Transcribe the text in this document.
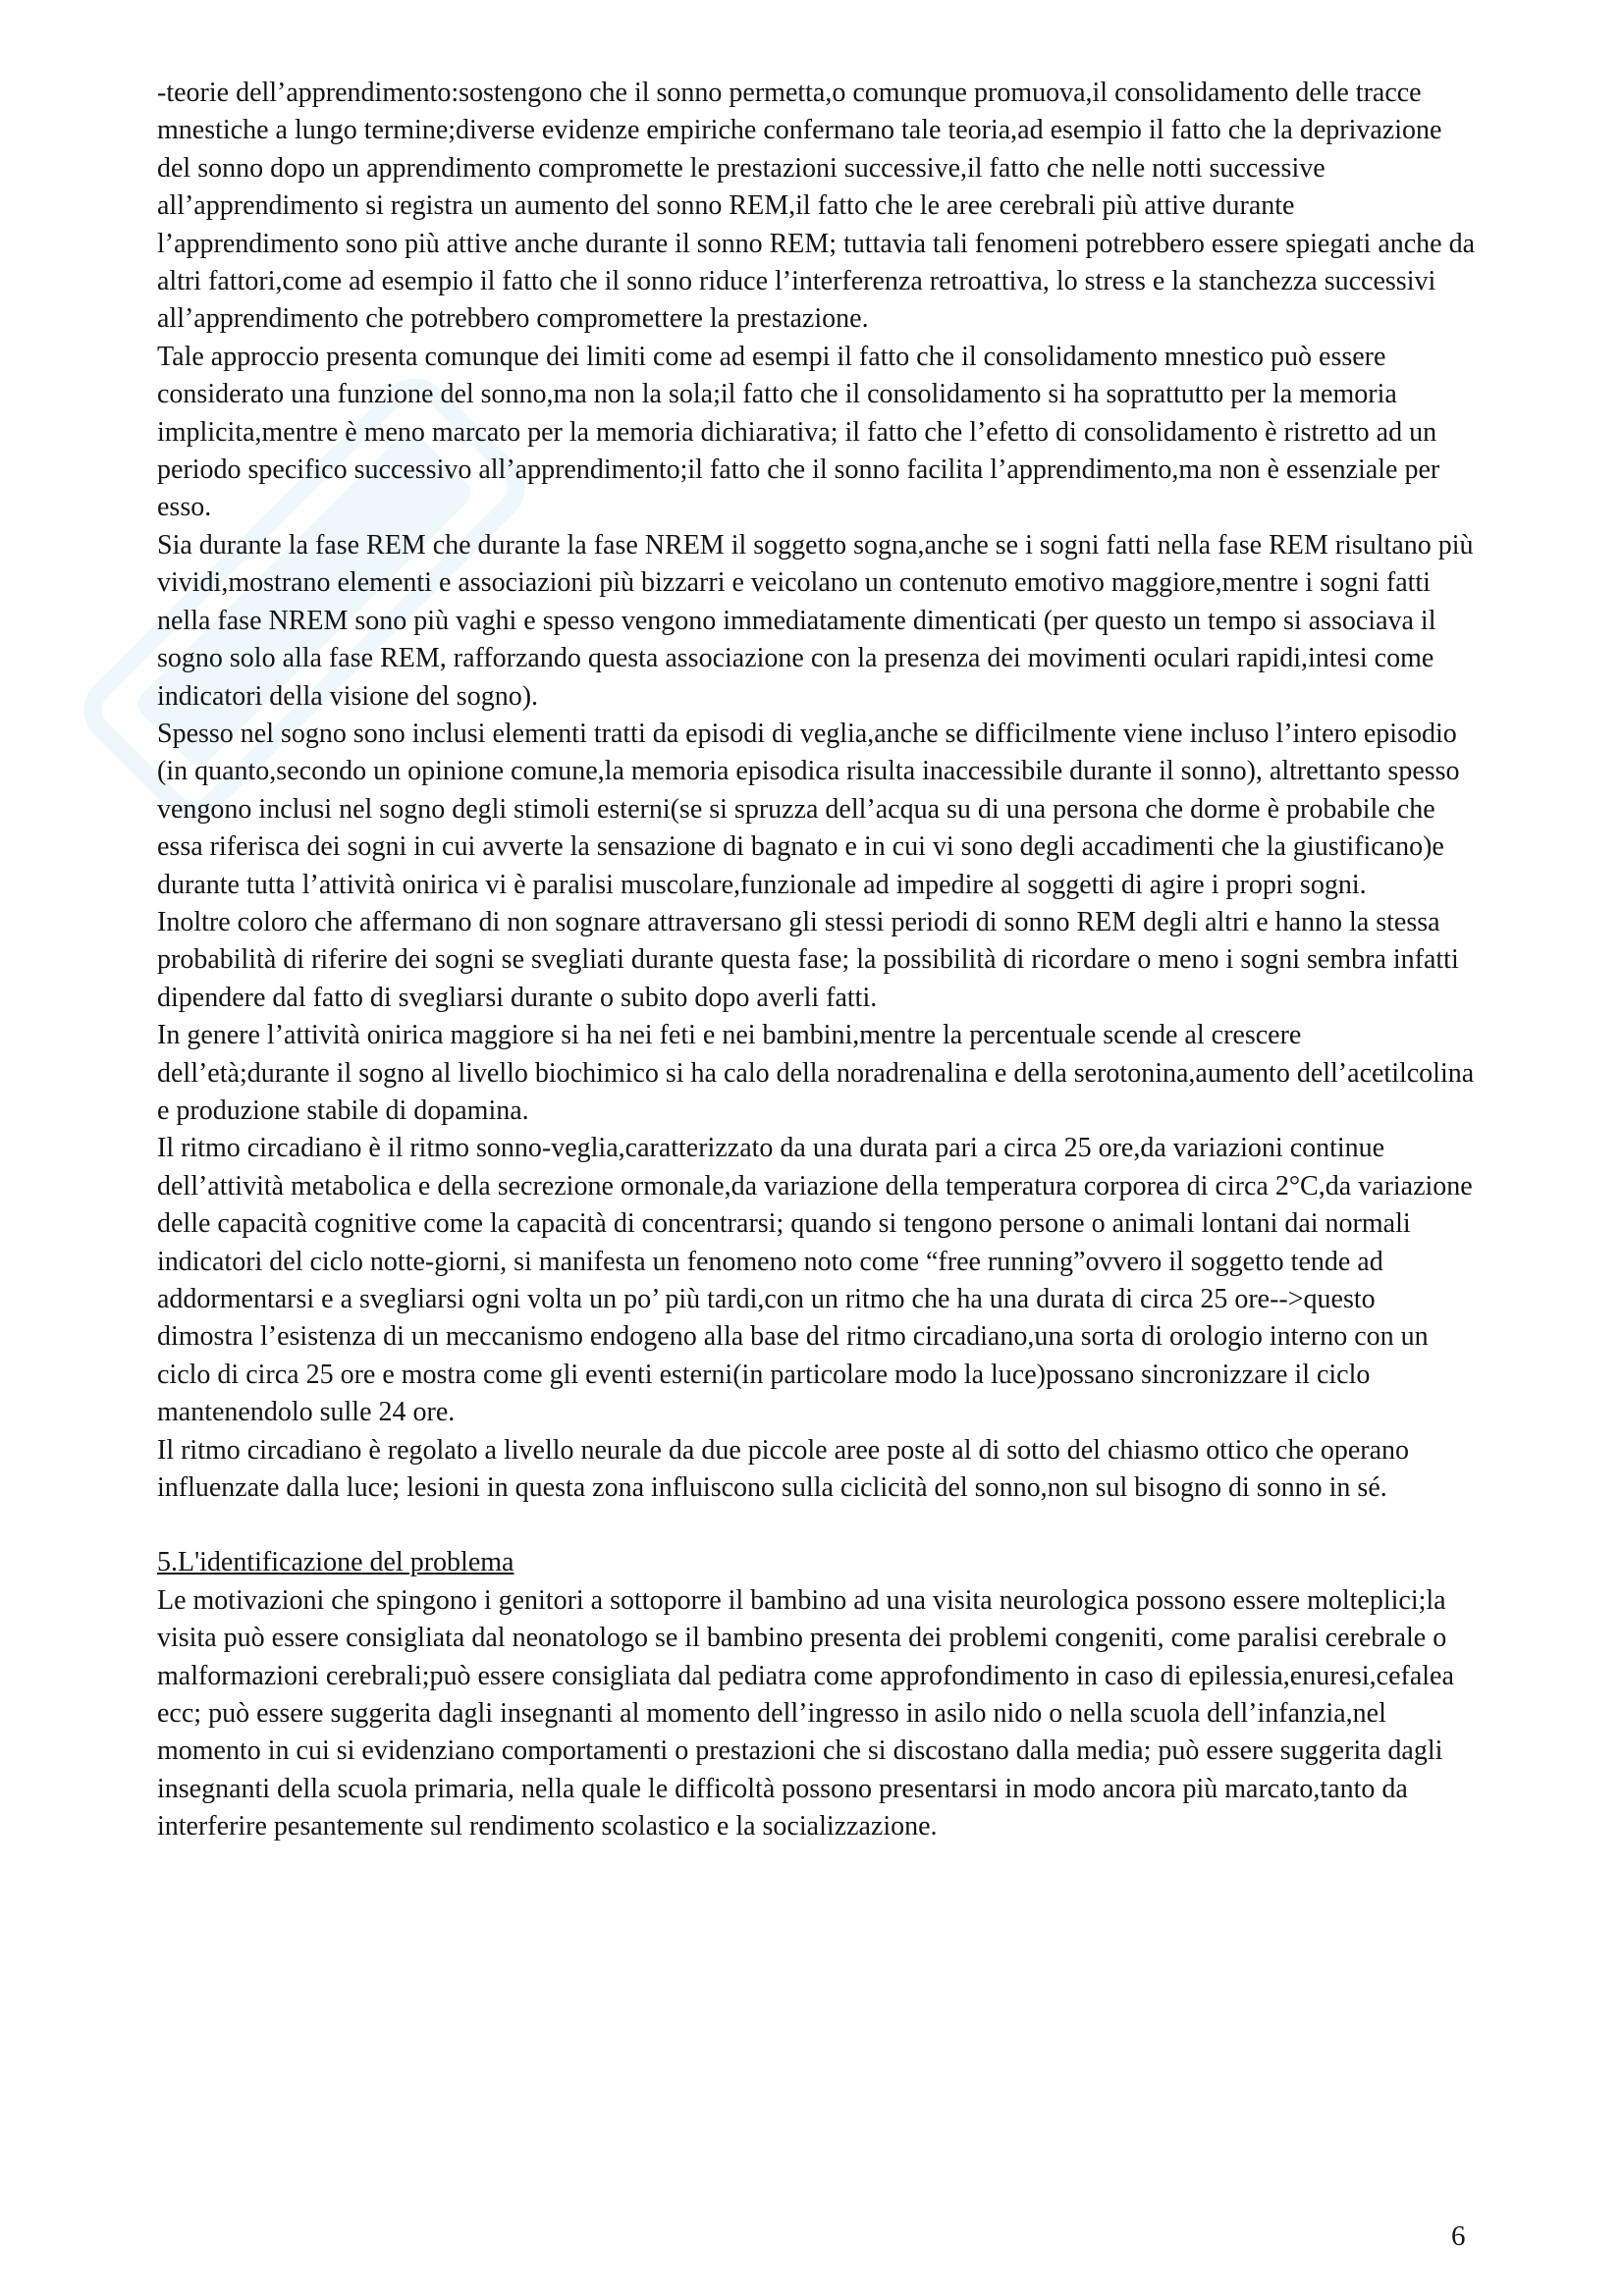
-teorie dell’apprendimento:sostengono che il sonno permetta,o comunque promuova,il consolidamento delle tracce mnestiche a lungo termine;diverse evidenze empiriche confermano tale teoria,ad esempio il fatto che la deprivazione del sonno dopo un apprendimento compromette le prestazioni successive,il fatto che nelle notti successive all’apprendimento si registra un aumento del sonno REM,il fatto che le aree cerebrali più attive durante l’apprendimento sono più attive anche durante il sonno REM; tuttavia tali fenomeni potrebbero essere spiegati anche da altri fattori,come ad esempio il fatto che il sonno riduce l’interferenza retroattiva, lo stress e la stanchezza successivi all’apprendimento che potrebbero compromettere la prestazione.

Tale approccio presenta comunque dei limiti come ad esempi il fatto che il consolidamento mnestico può essere considerato una funzione del sonno,ma non la sola;il fatto che il consolidamento si ha soprattutto per la memoria implicita,mentre è meno marcato per la memoria dichiarativa; il fatto che l’efetto di consolidamento è ristretto ad un periodo specifico successivo all’apprendimento;il fatto che il sonno facilita l’apprendimento,ma non è essenziale per esso.

Sia durante la fase REM che durante la fase NREM il soggetto sogna,anche se i sogni fatti nella fase REM risultano più vividi,mostrano elementi e associazioni più bizzarri e veicolano un contenuto emotivo maggiore,mentre i sogni fatti nella fase NREM sono più vaghi e spesso vengono immediatamente dimenticati (per questo un tempo si associava il sogno solo alla fase REM, rafforzando questa associazione con la presenza dei movimenti oculari rapidi,intesi come indicatori della visione del sogno).

Spesso nel sogno sono inclusi elementi tratti da episodi di veglia,anche se difficilmente viene incluso l’intero episodio (in quanto,secondo un opinione comune,la memoria episodica risulta inaccessibile durante il sonno), altrettanto spesso vengono inclusi nel sogno degli stimoli esterni(se si spruzza dell’acqua su di una persona che dorme è probabile che essa riferisca dei sogni in cui avverte la sensazione di bagnato e in cui vi sono degli accadimenti che la giustificano)e durante tutta l’attività onirica vi è paralisi muscolare,funzionale ad impedire al soggetti di agire i propri sogni.

Inoltre coloro che affermano di non sognare attraversano gli stessi periodi di sonno REM degli altri e hanno la stessa probabilità di riferire dei sogni se svegliati durante questa fase; la possibilità di ricordare o meno i sogni sembra infatti dipendere dal fatto di svegliarsi durante o subito dopo averli fatti.

In genere l’attività onirica maggiore si ha nei feti e nei bambini,mentre la percentuale scende al crescere dell’età;durante il sogno al livello biochimico si ha calo della noradrenalina e della serotonina,aumento dell’acetilcolina e produzione stabile di dopamina.

Il ritmo circadiano è il ritmo sonno-veglia,caratterizzato da una durata pari a circa 25 ore,da variazioni continue dell’attività metabolica e della secrezione ormonale,da variazione della temperatura corporea di circa 2°C,da variazione delle capacità cognitive come la capacità di concentrarsi; quando si tengono persone o animali lontani dai normali indicatori del ciclo notte-giorni, si manifesta un fenomeno noto come “free running”ovvero il soggetto tende ad addormentarsi e a svegliarsi ogni volta un po’ più tardi,con un ritmo che ha una durata di circa 25 ore-->questo dimostra l’esistenza di un meccanismo endogeno alla base del ritmo circadiano,una sorta di orologio interno con un ciclo di circa 25 ore e mostra come gli eventi esterni(in particolare modo la luce)possano sincronizzare il ciclo mantenendolo sulle 24 ore.

Il ritmo circadiano è regolato a livello neurale da due piccole aree poste al di sotto del chiasmo ottico che operano influenzate dalla luce; lesioni in questa zona influiscono sulla ciclicità del sonno,non sul bisogno di sonno in sé.

5.L'identificazione del problema

Le motivazioni che spingono i genitori a sottoporre il bambino ad una visita neurologica possono essere molteplici;la visita può essere consigliata dal neonatologo se il bambino presenta dei problemi congeniti, come paralisi cerebrale o malformazioni cerebrali;può essere consigliata dal pediatra come approfondimento in caso di epilessia,enuresi,cefalea ecc; può essere suggerita dagli insegnanti al momento dell’ingresso in asilo nido o nella scuola dell’infanzia,nel momento in cui si evidenziano comportamenti o prestazioni che si discostano dalla media; può essere suggerita dagli insegnanti della scuola primaria, nella quale le difficoltà possono presentarsi in modo ancora più marcato,tanto da interferire pesantemente sul rendimento scolastico e la socializzazione.

6
